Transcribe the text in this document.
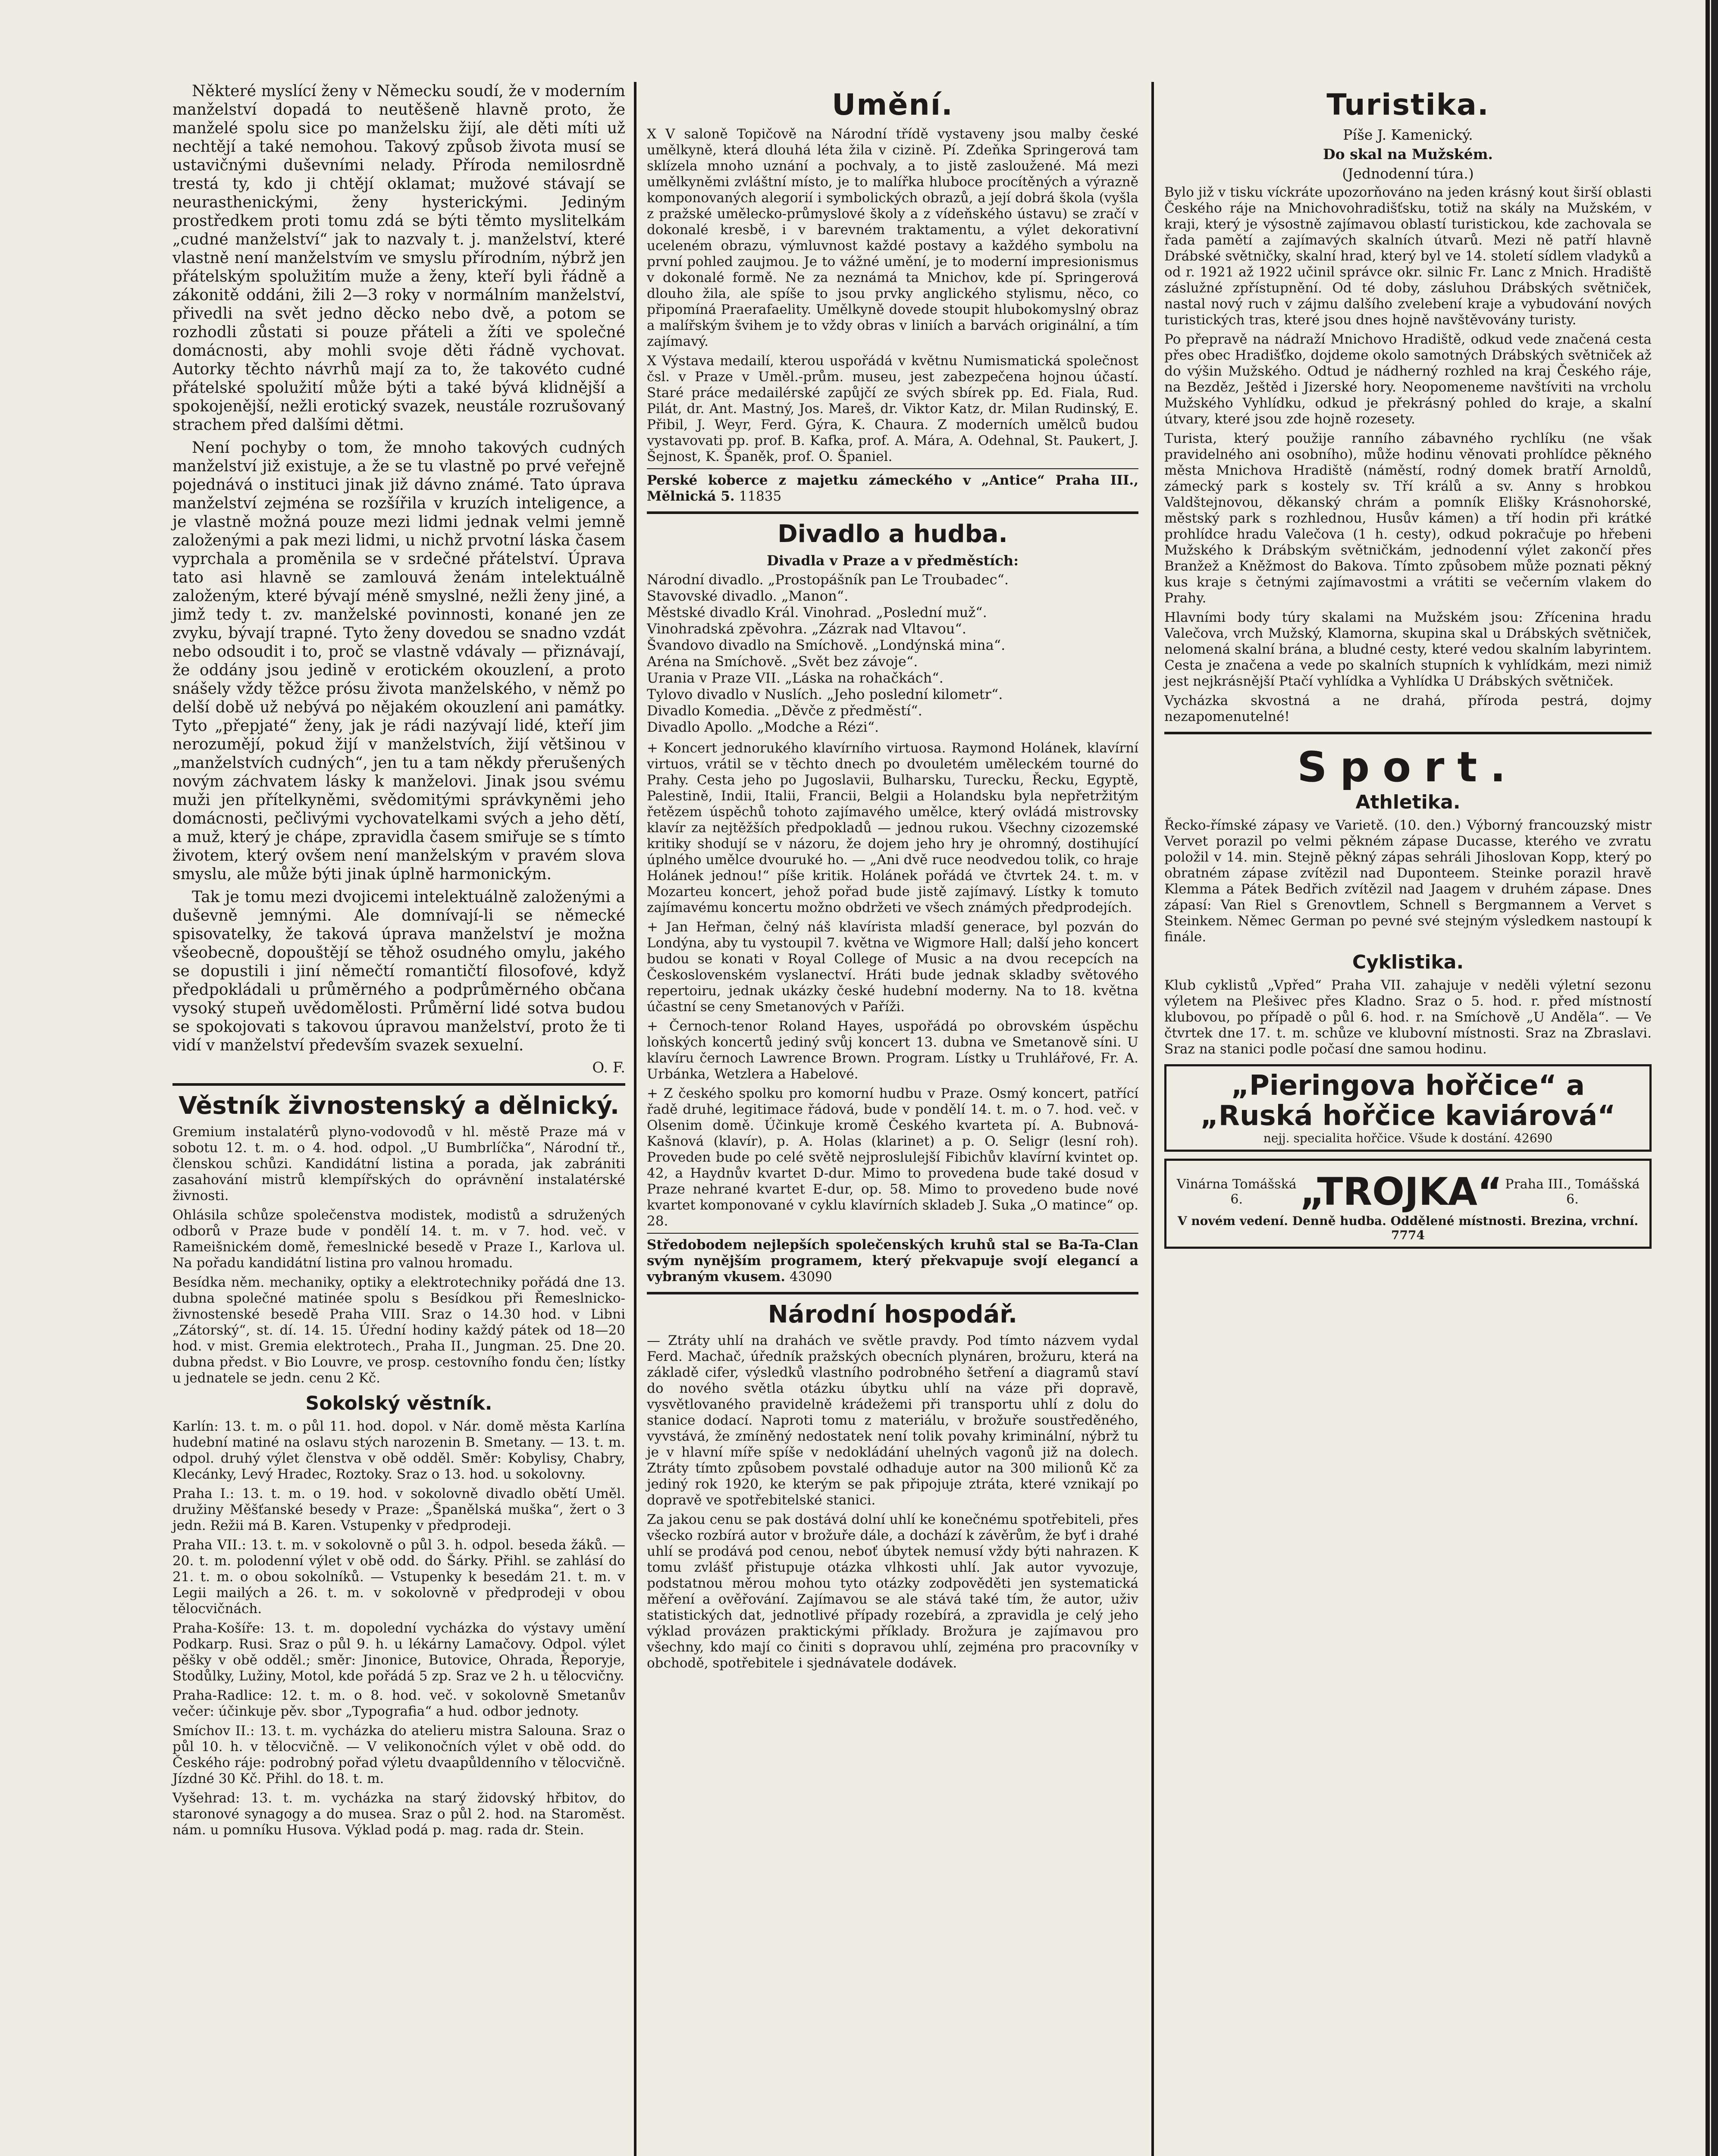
Některé myslící ženy v Německu soudí, že v moderním manželství dopadá to neutěšeně hlavně proto, že manželé spolu sice po manželsku žijí, ale děti míti už nechtějí a také nemohou. Takový způsob života musí se ustavičnými duševními nelady. Příroda nemilosrdně trestá ty, kdo ji chtějí oklamat; mužové stávají se neurasthenickými, ženy hysterickými. Jediným prostředkem proti tomu zdá se býti těmto myslitelkám „cudné manželství“ jak to nazvaly t. j. manželství, které vlastně není manželstvím ve smyslu přírodním, nýbrž jen přátelským spolužitím muže a ženy, kteří byli řádně a zákonitě oddáni, žili 2—3 roky v normálním manželství, přivedli na svět jedno děcko nebo dvě, a potom se rozhodli zůstati si pouze přáteli a žíti ve společné domácnosti, aby mohli svoje děti řádně vychovat. Autorky těchto návrhů mají za to, že takovéto cudné přátelské spolužití může býti a také bývá klidnější a spokojenější, nežli erotický svazek, neustále rozrušovaný strachem před dalšími dětmi.

Není pochyby o tom, že mnoho takových cudných manželství již existuje, a že se tu vlastně po prvé veřejně pojednává o instituci jinak již dávno známé. Tato úprava manželství zejména se rozšířila v kruzích inteligence, a je vlastně možná pouze mezi lidmi jednak velmi jemně založenými a pak mezi lidmi, u nichž prvotní láska časem vyprchala a proměnila se v srdečné přátelství. Úprava tato asi hlavně se zamlouvá ženám intelektuálně založeným, které bývají méně smyslné, nežli ženy jiné, a jimž tedy t. zv. manželské povinnosti, konané jen ze zvyku, bývají trapné. Tyto ženy dovedou se snadno vzdát nebo odsoudit i to, proč se vlastně vdávaly — přiznávají, že oddány jsou jedině v erotickém okouzlení, a proto snášely vždy těžce prósu života manželského, v němž po delší době už nebývá po nějakém okouzlení ani památky. Tyto „přepjaté“ ženy, jak je rádi nazývají lidé, kteří jim nerozumějí, pokud žijí v manželstvích, žijí většinou v „manželstvích cudných“, jen tu a tam někdy přerušených novým záchvatem lásky k manželovi. Jinak jsou svému muži jen přítelkyněmi, svědomitými správkyněmi jeho domácnosti, pečlivými vychovatelkami svých a jeho dětí, a muž, který je chápe, zpravidla časem smiřuje se s tímto životem, který ovšem není manželským v pravém slova smyslu, ale může býti jinak úplně harmonickým.

Tak je tomu mezi dvojicemi intelektuálně založenými a duševně jemnými. Ale domnívají-li se německé spisovatelky, že taková úprava manželství je možna všeobecně, dopouštějí se těhož osudného omylu, jakého se dopustili i jiní němečtí romantičtí filosofové, když předpokládali u průměrného a podprůměrného občana vysoký stupeň uvědomělosti. Průměrní lidé sotva budou se spokojovati s takovou úpravou manželství, proto že ti vidí v manželství především svazek sexuelní.

O. F.

Věstník živnostenský a dělnický.

Gremium instalatérů plyno-vodovodů v hl. městě Praze má v sobotu 12. t. m. o 4. hod. odpol. „U Bumbrlíčka“, Národní tř., členskou schůzi. Kandidátní listina a porada, jak zabrániti zasahování mistrů klempířských do oprávnění instalatérské živnosti.

Ohlásila schůze společenstva modistek, modistů a sdružených odborů v Praze bude v pondělí 14. t. m. v 7. hod. več. v Rameišnickém domě, řemeslnické besedě v Praze I., Karlova ul. Na pořadu kandidátní listina pro valnou hromadu.

Besídka něm. mechaniky, optiky a elektrotechniky pořádá dne 13. dubna společné matinée spolu s Besídkou při Řemeslnicko-živnostenské besedě Praha VIII. Sraz o 14.30 hod. v Libni „Zátorský“, st. dí. 14. 15. Úřední hodiny každý pátek od 18—20 hod. v mist. Gremia elektrotech., Praha II., Jungman. 25. Dne 20. dubna předst. v Bio Louvre, ve prosp. cestovního fondu čen; lístky u jednatele se jedn. cenu 2 Kč.

Sokolský věstník.

Karlín: 13. t. m. o půl 11. hod. dopol. v Nár. domě města Karlína hudební matiné na oslavu stých narozenin B. Smetany. — 13. t. m. odpol. druhý výlet členstva v obě odděl. Směr: Kobylisy, Chabry, Klecánky, Levý Hradec, Roztoky. Sraz o 13. hod. u sokolovny.

Praha I.: 13. t. m. o 19. hod. v sokolovně divadlo obětí Uměl. družiny Měšťanské besedy v Praze: „Španělská muška“, žert o 3 jedn. Režii má B. Karen. Vstupenky v předprodeji.

Praha VII.: 13. t. m. v sokolovně o půl 3. h. odpol. beseda žáků. — 20. t. m. polodenní výlet v obě odd. do Šárky. Přihl. se zahlásí do 21. t. m. o obou sokolníků. — Vstupenky k besedám 21. t. m. v Legii mailých a 26. t. m. v sokolovně v předprodeji v obou tělocvičnách.

Praha-Košíře: 13. t. m. dopolední vycházka do výstavy umění Podkarp. Rusi. Sraz o půl 9. h. u lékárny Lamačovy. Odpol. výlet pěšky v obě odděl.; směr: Jinonice, Butovice, Ohrada, Řeporyje, Stodůlky, Lužiny, Motol, kde pořádá 5 zp. Sraz ve 2 h. u tělocvičny.

Praha-Radlice: 12. t. m. o 8. hod. več. v sokolovně Smetanův večer: účinkuje pěv. sbor „Typografia“ a hud. odbor jednoty.

Smíchov II.: 13. t. m. vycházka do atelieru mistra Salouna. Sraz o půl 10. h. v tělocvičně. — V velikonočních výlet v obě odd. do Českého ráje: podrobný pořad výletu dvaapůldenního v tělocvičně. Jízdné 30 Kč. Přihl. do 18. t. m.

Vyšehrad: 13. t. m. vycházka na starý židovský hřbitov, do staronové synagogy a do musea. Sraz o půl 2. hod. na Staroměst. nám. u pomníku Husova. Výklad podá p. mag. rada dr. Stein.

Umění.

X V saloně Topičově na Národní třídě vystaveny jsou malby české umělkyně, která dlouhá léta žila v cizině. Pí. Zdeňka Springerová tam sklízela mnoho uznání a pochvaly, a to jistě zasloužené. Má mezi umělkyněmi zvláštní místo, je to malířka hluboce procítěných a výrazně komponovaných alegorií i symbolických obrazů, a její dobrá škola (vyšla z pražské umělecko-průmyslové školy a z vídeňského ústavu) se zračí v dokonalé kresbě, i v barevném traktamentu, a výlet dekorativní uceleném obrazu, výmluvnost každé postavy a každého symbolu na první pohled zaujmou. Je to vážné umění, je to moderní impresionismus v dokonalé formě. Ne za neznámá ta Mnichov, kde pí. Springerová dlouho žila, ale spíše to jsou prvky anglického stylismu, něco, co připomíná Praerafaelity. Umělkyně dovede stoupit hlubokomyslný obraz a malířským švihem je to vždy obras v liniích a barvách originální, a tím zajímavý.

X Výstava medailí, kterou uspořádá v květnu Numismatická společnost čsl. v Praze v Uměl.-prům. museu, jest zabezpečena hojnou účastí. Staré práce medailérské zapůjčí ze svých sbírek pp. Ed. Fiala, Rud. Pilát, dr. Ant. Mastný, Jos. Mareš, dr. Viktor Katz, dr. Milan Rudinský, E. Přibil, J. Weyr, Ferd. Gýra, K. Chaura. Z moderních umělců budou vystavovati pp. prof. B. Kafka, prof. A. Mára, A. Odehnal, St. Paukert, J. Šejnost, K. Španěk, prof. O. Španiel.

Perské koberce z majetku zámeckého v „Antice“ Praha III., Mělnická 5. 11835

Divadlo a hudba.
Divadla v Praze a v předměstích:

Národní divadlo. „Prostopášník pan Le Troubadec“.

Stavovské divadlo. „Manon“.

Městské divadlo Král. Vinohrad. „Poslední muž“.

Vinohradská zpěvohra. „Zázrak nad Vltavou“.

Švandovo divadlo na Smíchově. „Londýnská mina“.

Aréna na Smíchově. „Svět bez závoje“.

Urania v Praze VII. „Láska na rohačkách“.

Tylovo divadlo v Nuslích. „Jeho poslední kilometr“.

Divadlo Komedia. „Děvče z předměstí“.

Divadlo Apollo. „Modche a Rézi“.

+ Koncert jednorukého klavírního virtuosa. Raymond Holánek, klavírní virtuos, vrátil se v těchto dnech po dvouletém uměleckém tourné do Prahy. Cesta jeho po Jugoslavii, Bulharsku, Turecku, Řecku, Egyptě, Palestině, Indii, Italii, Francii, Belgii a Holandsku byla nepřetržitým řetězem úspěchů tohoto zajímavého umělce, který ovládá mistrovsky klavír za nejtěžších předpokladů — jednou rukou. Všechny cizozemské kritiky shodují se v názoru, že dojem jeho hry je ohromný, dostihující úplného umělce dvouruké ho. — „Ani dvě ruce neodvedou tolik, co hraje Holánek jednou!“ píše kritik. Holánek pořádá ve čtvrtek 24. t. m. v Mozarteu koncert, jehož pořad bude jistě zajímavý. Lístky k tomuto zajímavému koncertu možno obdržeti ve všech známých předprodejích.

+ Jan Heřman, čelný náš klavírista mladší generace, byl pozván do Londýna, aby tu vystoupil 7. května ve Wigmore Hall; další jeho koncert budou se konati v Royal College of Music a na dvou recepcích na Československém vyslanectví. Hráti bude jednak skladby světového repertoiru, jednak ukázky české hudební moderny. Na to 18. května účastní se ceny Smetanových v Paříži.

+ Černoch-tenor Roland Hayes, uspořádá po obrovském úspěchu loňských koncertů jediný svůj koncert 13. dubna ve Smetanově síni. U klavíru černoch Lawrence Brown. Program. Lístky u Truhlářové, Fr. A. Urbánka, Wetzlera a Habelové.

+ Z českého spolku pro komorní hudbu v Praze. Osmý koncert, patřící řadě druhé, legitimace řádová, bude v pondělí 14. t. m. o 7. hod. več. v Olsenim domě. Účinkuje kromě Českého kvarteta pí. A. Bubnová-Kašnová (klavír), p. A. Holas (klarinet) a p. O. Seligr (lesní roh). Proveden bude po celé světě nejproslulejší Fibichův klavírní kvintet op. 42, a Haydnův kvartet D-dur. Mimo to provedena bude také dosud v Praze nehrané kvartet E-dur, op. 58. Mimo to provedeno bude nové kvartet komponované v cyklu klavírních skladeb J. Suka „O matince“ op. 28.

Středobodem nejlepších společenských kruhů stal se Ba-Ta-Clan svým nynějším programem, který překvapuje svojí elegancí a vybraným vkusem. 43090

Národní hospodář.

— Ztráty uhlí na drahách ve světle pravdy. Pod tímto názvem vydal Ferd. Machač, úředník pražských obecních plynáren, brožuru, která na základě cifer, výsledků vlastního podrobného šetření a diagramů staví do nového světla otázku úbytku uhlí na váze při dopravě, vysvětlovaného pravidelně krádežemi při transportu uhlí z dolu do stanice dodací. Naproti tomu z materiálu, v brožuře soustředěného, vyvstává, že zmíněný nedostatek není tolik povahy kriminální, nýbrž tu je v hlavní míře spíše v nedokládání uhelných vagonů již na dolech. Ztráty tímto způsobem povstalé odhaduje autor na 300 milionů Kč za jediný rok 1920, ke kterým se pak připojuje ztráta, které vznikají po dopravě ve spotřebitelské stanici.

Za jakou cenu se pak dostává dolní uhlí ke konečnému spotřebiteli, přes všecko rozbírá autor v brožuře dále, a dochází k závěrům, že byť i drahé uhlí se prodává pod cenou, neboť úbytek nemusí vždy býti nahrazen. K tomu zvlášť přistupuje otázka vlhkosti uhlí. Jak autor vyvozuje, podstatnou měrou mohou tyto otázky zodpověděti jen systematická měření a ověřování. Zajímavou se ale stává také tím, že autor, uživ statistických dat, jednotlivé případy rozebírá, a zpravidla je celý jeho výklad provázen praktickými příklady. Brožura je zajímavou pro všechny, kdo mají co činiti s dopravou uhlí, zejména pro pracovníky v obchodě, spotřebitele i sjednávatele dodávek.

Turistika.
Píše J. Kamenický.
Do skal na Mužském.
(Jednodenní túra.)

Bylo již v tisku víckráte upozorňováno na jeden krásný kout širší oblasti Českého ráje na Mnichovohradišťsku, totiž na skály na Mužském, v kraji, který je výsostně zajímavou oblastí turistickou, kde zachovala se řada pamětí a zajímavých skalních útvarů. Mezi ně patří hlavně Drábské světničky, skalní hrad, který byl ve 14. století sídlem vladyků a od r. 1921 až 1922 učinil správce okr. silnic Fr. Lanc z Mnich. Hradiště záslužné zpřístupnění. Od té doby, zásluhou Drábských světniček, nastal nový ruch v zájmu dalšího zvelebení kraje a vybudování nových turistických tras, které jsou dnes hojně navštěvovány turisty.

Po přepravě na nádraží Mnichovo Hradiště, odkud vede značená cesta přes obec Hradišťko, dojdeme okolo samotných Drábských světniček až do výšin Mužského. Odtud je nádherný rozhled na kraj Českého ráje, na Bezděz, Ještěd i Jizerské hory. Neopomeneme navštíviti na vrcholu Mužského Vyhlídku, odkud je překrásný pohled do kraje, a skalní útvary, které jsou zde hojně rozesety.

Turista, který použije ranního zábavného rychlíku (ne však pravidelného ani osobního), může hodinu věnovati prohlídce pěkného města Mnichova Hradiště (náměstí, rodný domek bratří Arnoldů, zámecký park s kostely sv. Tří králů a sv. Anny s hrobkou Valdštejnovou, děkanský chrám a pomník Elišky Krásnohorské, městský park s rozhlednou, Husův kámen) a tří hodin při krátké prohlídce hradu Valečova (1 h. cesty), odkud pokračuje po hřebeni Mužského k Drábským světničkám, jednodenní výlet zakončí přes Branžež a Kněžmost do Bakova. Tímto způsobem může poznati pěkný kus kraje s četnými zajímavostmi a vrátiti se večerním vlakem do Prahy.

Hlavními body túry skalami na Mužském jsou: Zřícenina hradu Valečova, vrch Mužský, Klamorna, skupina skal u Drábských světniček, nelomená skalní brána, a bludné cesty, které vedou skalním labyrintem. Cesta je značena a vede po skalních stupních k vyhlídkám, mezi nimiž jest nejkrásnější Ptačí vyhlídka a Vyhlídka U Drábských světniček.

Vycházka skvostná a ne drahá, příroda pestrá, dojmy nezapomenutelné!

Sport.
Athletika.

Řecko-římské zápasy ve Varietě. (10. den.) Výborný francouzský mistr Vervet porazil po velmi pěkném zápase Ducasse, kterého ve zvratu položil v 14. min. Stejně pěkný zápas sehráli Jihoslovan Kopp, který po obratném zápase zvítězil nad Duponteem. Steinke porazil hravě Klemma a Pátek Bedřich zvítězil nad Jaagem v druhém zápase. Dnes zápasí: Van Riel s Grenovtlem, Schnell s Bergmannem a Vervet s Steinkem. Němec German po pevné své stejným výsledkem nastoupí k finále.

Cyklistika.

Klub cyklistů „Vpřed“ Praha VII. zahajuje v neděli výletní sezonu výletem na Plešivec přes Kladno. Sraz o 5. hod. r. před místností klubovou, po případě o půl 6. hod. r. na Smíchově „U Anděla“. — Ve čtvrtek dne 17. t. m. schůze ve klubovní místnosti. Sraz na Zbraslavi. Sraz na stanici podle počasí dne samou hodinu.

„Pieringova hořčice“ a
„Ruská hořčice kaviárová“
nejj. specialita hořčice. Všude k dostání. 42690
Vinárna Tomášská 6.	„TROJKA“ Praha III., Tomášská 6.
V novém vedení. Denně hudba. Oddělené místnosti. Brezina, vrchní. 7774
